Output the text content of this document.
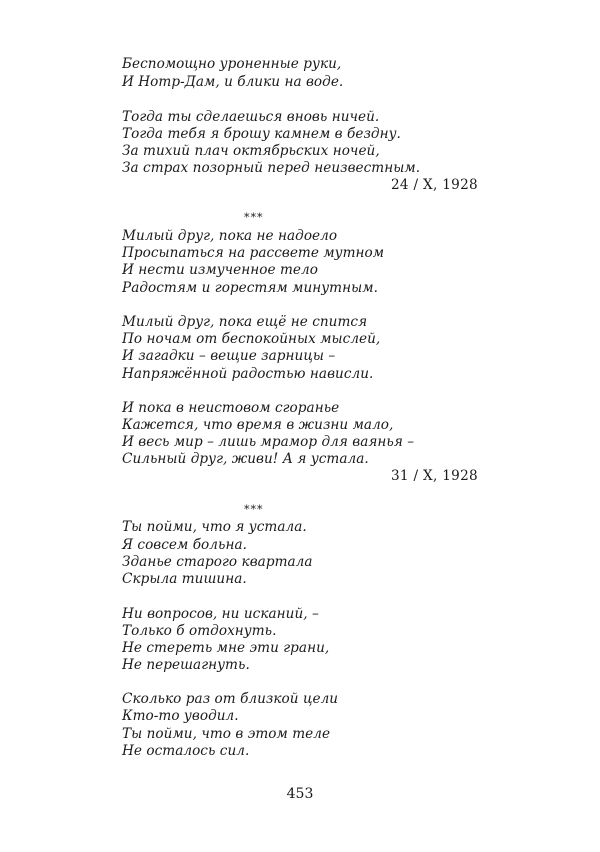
Беспомощно уроненные руки,
И Нотр-Дам, и блики на воде.
Тогда ты сделаешься вновь ничей.
Тогда тебя я брошу камнем в бездну.
За тихий плач октябрьских ночей,
За страх позорный перед неизвестным.
24 / X, 1928
***
Милый друг, пока не надоело
Просыпаться на рассвете мутном
И нести измученное тело
Радостям и горестям минутным.
Милый друг, пока ещё не спится
По ночам от беспокойных мыслей,
И загадки – вещие зарницы –
Напряжённой радостью нависли.
И пока в неистовом сгоранье
Кажется, что время в жизни мало,
И весь мир – лишь мрамор для ваянья –
Сильный друг, живи! А я устала.
31 / X, 1928
***
Ты пойми, что я устала.
Я совсем больна.
Зданье старого квартала
Скрыла тишина.
Ни вопросов, ни исканий, –
Только б отдохнуть.
Не стереть мне эти грани,
Не перешагнуть.
Сколько раз от близкой цели
Кто-то уводил.
Ты пойми, что в этом теле
Не осталось сил.
453
